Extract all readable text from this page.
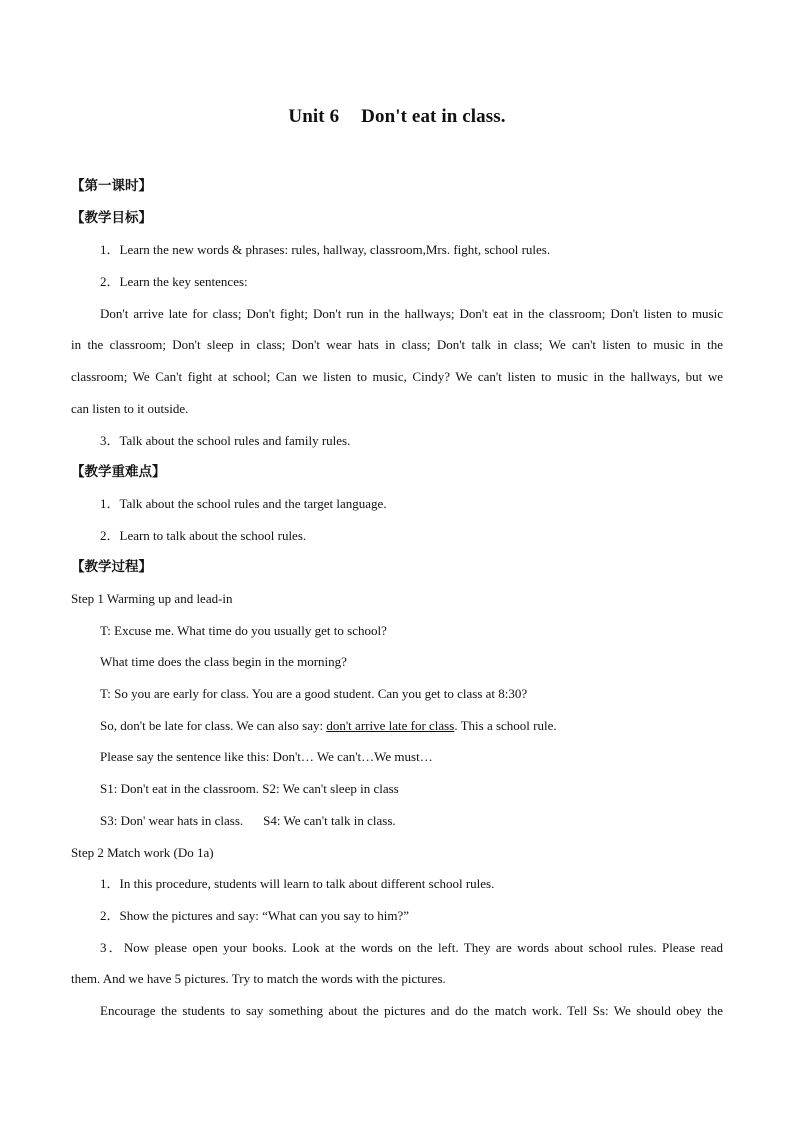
Unit 6 Don't eat in class.
【第一课时】
【教学目标】
1．Learn the new words & phrases: rules, hallway, classroom,Mrs. fight, school rules.
2．Learn the key sentences:
Don't arrive late for class; Don't fight; Don't run in the hallways; Don't eat in the classroom; Don't listen to music
in the classroom; Don't sleep in class; Don't wear hats in class; Don't talk in class; We can't listen to music in the
classroom; We Can't fight at school; Can we listen to music, Cindy? We can't listen to music in the hallways, but we
can listen to it outside.
3．Talk about the school rules and family rules.
【教学重难点】
1．Talk about the school rules and the target language.
2．Learn to talk about the school rules.
【教学过程】
Step 1 Warming up and lead-in
T: Excuse me. What time do you usually get to school?
What time does the class begin in the morning?
T: So you are early for class. You are a good student. Can you get to class at 8:30?
So, don't be late for class. We can also say: don't arrive late for class. This a school rule.
Please say the sentence like this: Don't… We can't…We must…
S1: Don't eat in the classroom. S2: We can't sleep in class
S3: Don' wear hats in class. S4: We can't talk in class.
Step 2 Match work (Do 1a)
1．In this procedure, students will learn to talk about different school rules.
2．Show the pictures and say: “What can you say to him?”
3．Now please open your books. Look at the words on the left. They are words about school rules. Please read
them. And we have 5 pictures. Try to match the words with the pictures.
Encourage the students to say something about the pictures and do the match work. Tell Ss: We should obey the
